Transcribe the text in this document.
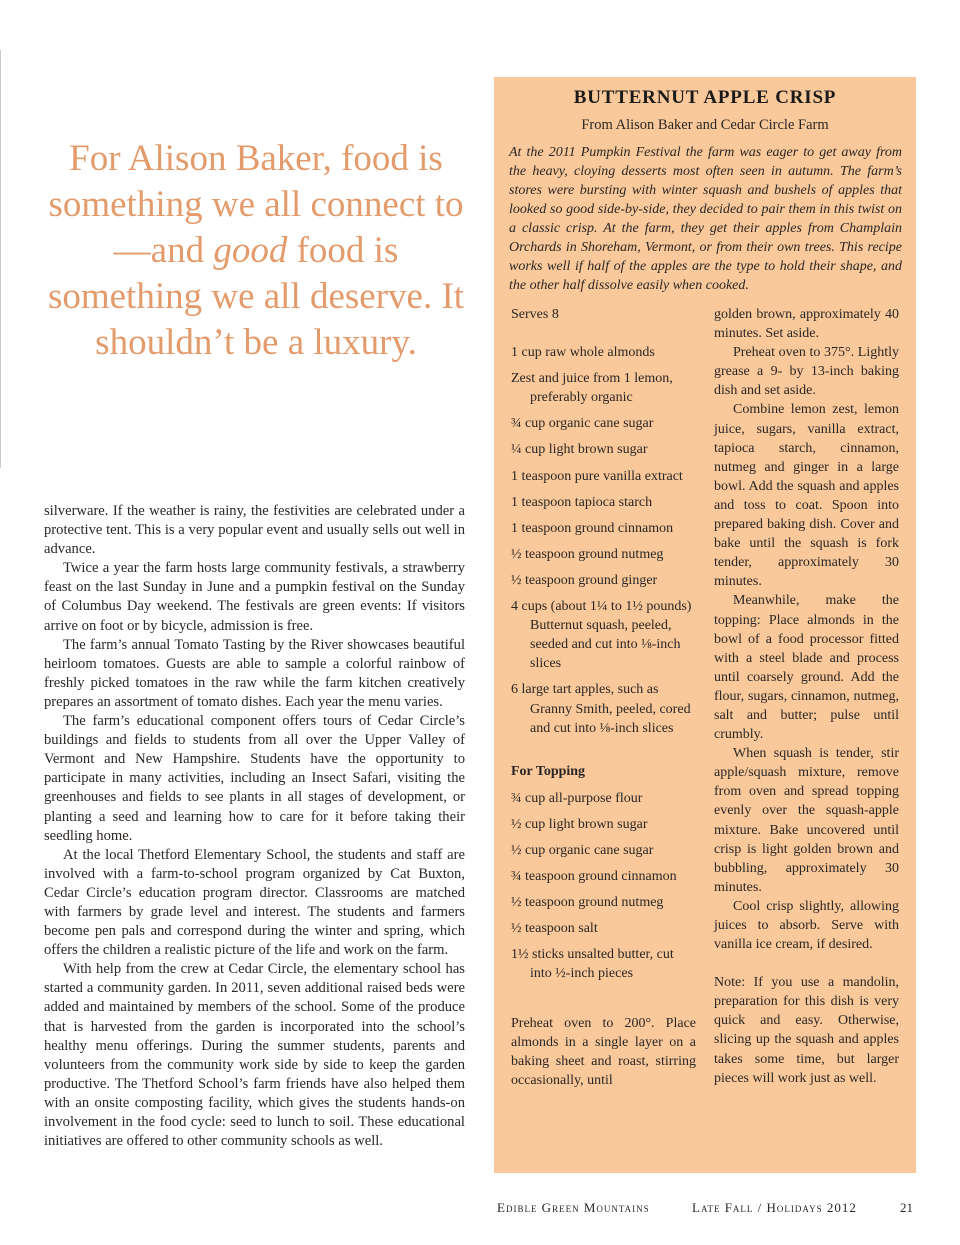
For Alison Baker, food is something we all connect to—and good food is something we all deserve. It shouldn’t be a luxury.

silverware. If the weather is rainy, the festivities are celebrated under a protective tent. This is a very popular event and usually sells out well in advance.

Twice a year the farm hosts large community festivals, a strawberry feast on the last Sunday in June and a pumpkin festival on the Sunday of Columbus Day weekend. The festivals are green events: If visitors arrive on foot or by bicycle, admission is free.

The farm’s annual Tomato Tasting by the River showcases beautiful heirloom tomatoes. Guests are able to sample a colorful rainbow of freshly picked tomatoes in the raw while the farm kitchen creatively prepares an assortment of tomato dishes. Each year the menu varies.

The farm’s educational component offers tours of Cedar Circle’s buildings and fields to students from all over the Upper Valley of Vermont and New Hampshire. Students have the opportunity to participate in many activities, including an Insect Safari, visiting the greenhouses and fields to see plants in all stages of development, or planting a seed and learning how to care for it before taking their seedling home.

At the local Thetford Elementary School, the students and staff are involved with a farm-to-school program organized by Cat Buxton, Cedar Circle’s education program director. Classrooms are matched with farmers by grade level and interest. The students and farmers become pen pals and correspond during the winter and spring, which offers the children a realistic picture of the life and work on the farm.

With help from the crew at Cedar Circle, the elementary school has started a community garden. In 2011, seven additional raised beds were added and maintained by members of the school. Some of the produce that is harvested from the garden is incorporated into the school’s healthy menu offerings. During the summer students, parents and volunteers from the community work side by side to keep the garden productive. The Thetford School’s farm friends have also helped them with an onsite composting facility, which gives the students hands-on involvement in the food cycle: seed to lunch to soil. These educational initiatives are offered to other community schools as well.

BUTTERNUT APPLE CRISP
From Alison Baker and Cedar Circle Farm
At the 2011 Pumpkin Festival the farm was eager to get away from the heavy, cloying desserts most often seen in autumn. The farm’s stores were bursting with winter squash and bushels of apples that looked so good side-by-side, they decided to pair them in this twist on a classic crisp. At the farm, they get their apples from Champlain Orchards in Shoreham, Vermont, or from their own trees. This recipe works well if half of the apples are the type to hold their shape, and the other half dissolve easily when cooked.
Serves 8
1 cup raw whole almonds
Zest and juice from 1 lemon, preferably organic
¾ cup organic cane sugar
¼ cup light brown sugar
1 teaspoon pure vanilla extract
1 teaspoon tapioca starch
1 teaspoon ground cinnamon
½ teaspoon ground nutmeg
½ teaspoon ground ginger
4 cups (about 1¼ to 1½ pounds) Butternut squash, peeled, seeded and cut into ⅛-inch slices
6 large tart apples, such as Granny Smith, peeled, cored and cut into ⅛-inch slices
For Topping
¾ cup all-purpose flour
½ cup light brown sugar
½ cup organic cane sugar
¾ teaspoon ground cinnamon
½ teaspoon ground nutmeg
½ teaspoon salt
1½ sticks unsalted butter, cut into ½-inch pieces
Preheat oven to 200°. Place almonds in a single layer on a baking sheet and roast, stirring occasionally, until

golden brown, approximately 40 minutes. Set aside.

Preheat oven to 375°. Lightly grease a 9- by 13-inch baking dish and set aside.

Combine lemon zest, lemon juice, sugars, vanilla extract, tapioca starch, cinnamon, nutmeg and ginger in a large bowl. Add the squash and apples and toss to coat. Spoon into prepared baking dish. Cover and bake until the squash is fork tender, approximately 30 minutes.

Meanwhile, make the topping: Place almonds in the bowl of a food processor fitted with a steel blade and process until coarsely ground. Add the flour, sugars, cinnamon, nutmeg, salt and butter; pulse until crumbly.

When squash is tender, stir apple/squash mixture, remove from oven and spread topping evenly over the squash-apple mixture. Bake uncovered until crisp is light golden brown and bubbling, approximately 30 minutes.

Cool crisp slightly, allowing juices to absorb. Serve with vanilla ice cream, if desired.

Note: If you use a mandolin, preparation for this dish is very quick and easy. Otherwise, slicing up the squash and apples takes some time, but larger pieces will work just as well.

Edible Green Mountains	Late Fall / Holidays 2012	21
